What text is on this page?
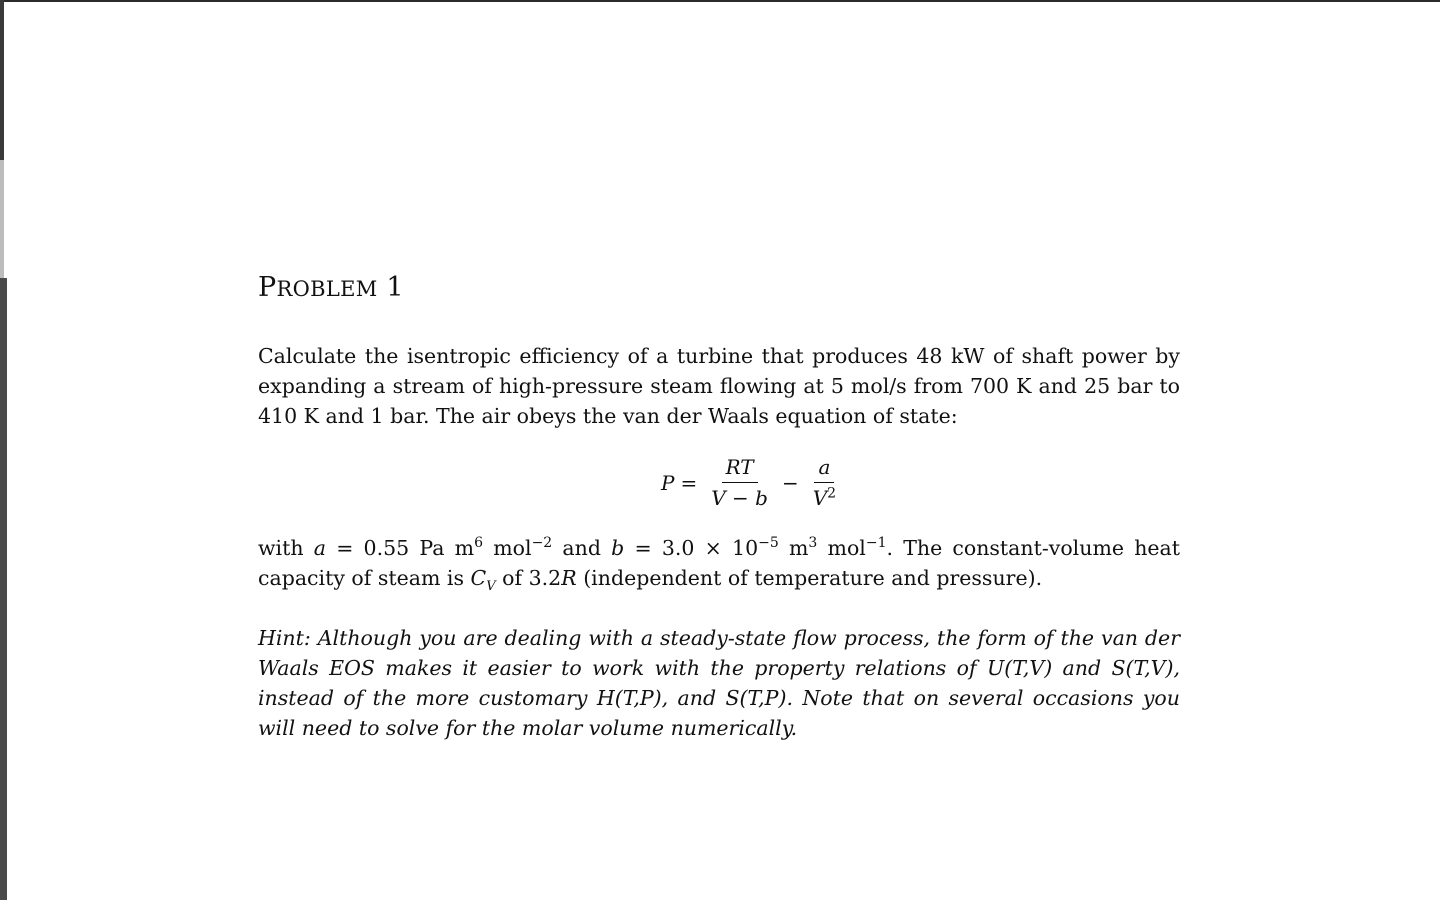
PROBLEM 1

Calculate the isentropic efficiency of a turbine that produces 48 kW of shaft power by expanding a stream of high-pressure steam flowing at 5 mol/s from 700 K and 25 bar to 410 K and 1 bar. The air obeys the van der Waals equation of state:

$P = \frac{RT}{V - b} - \frac{a}{V^2}$

with a = 0.55 Pa $m^6$ mol$^{-2}$ and $b = 3.0 \times 10^{-5}$ $m^3$ mol$^{-1}$. The constant-volume heat capacity of steam is $C_V$ of 3.2R (independent of temperature and pressure).

Hint: Although you are dealing with a steady-state flow process, the form of the van der Waals EOS makes it easier to work with the property relations of U(T,V) and S(T,V), instead of the more customary H(T,P), and S(T,P). Note that on several occasions you will need to solve for the molar volume numerically.
